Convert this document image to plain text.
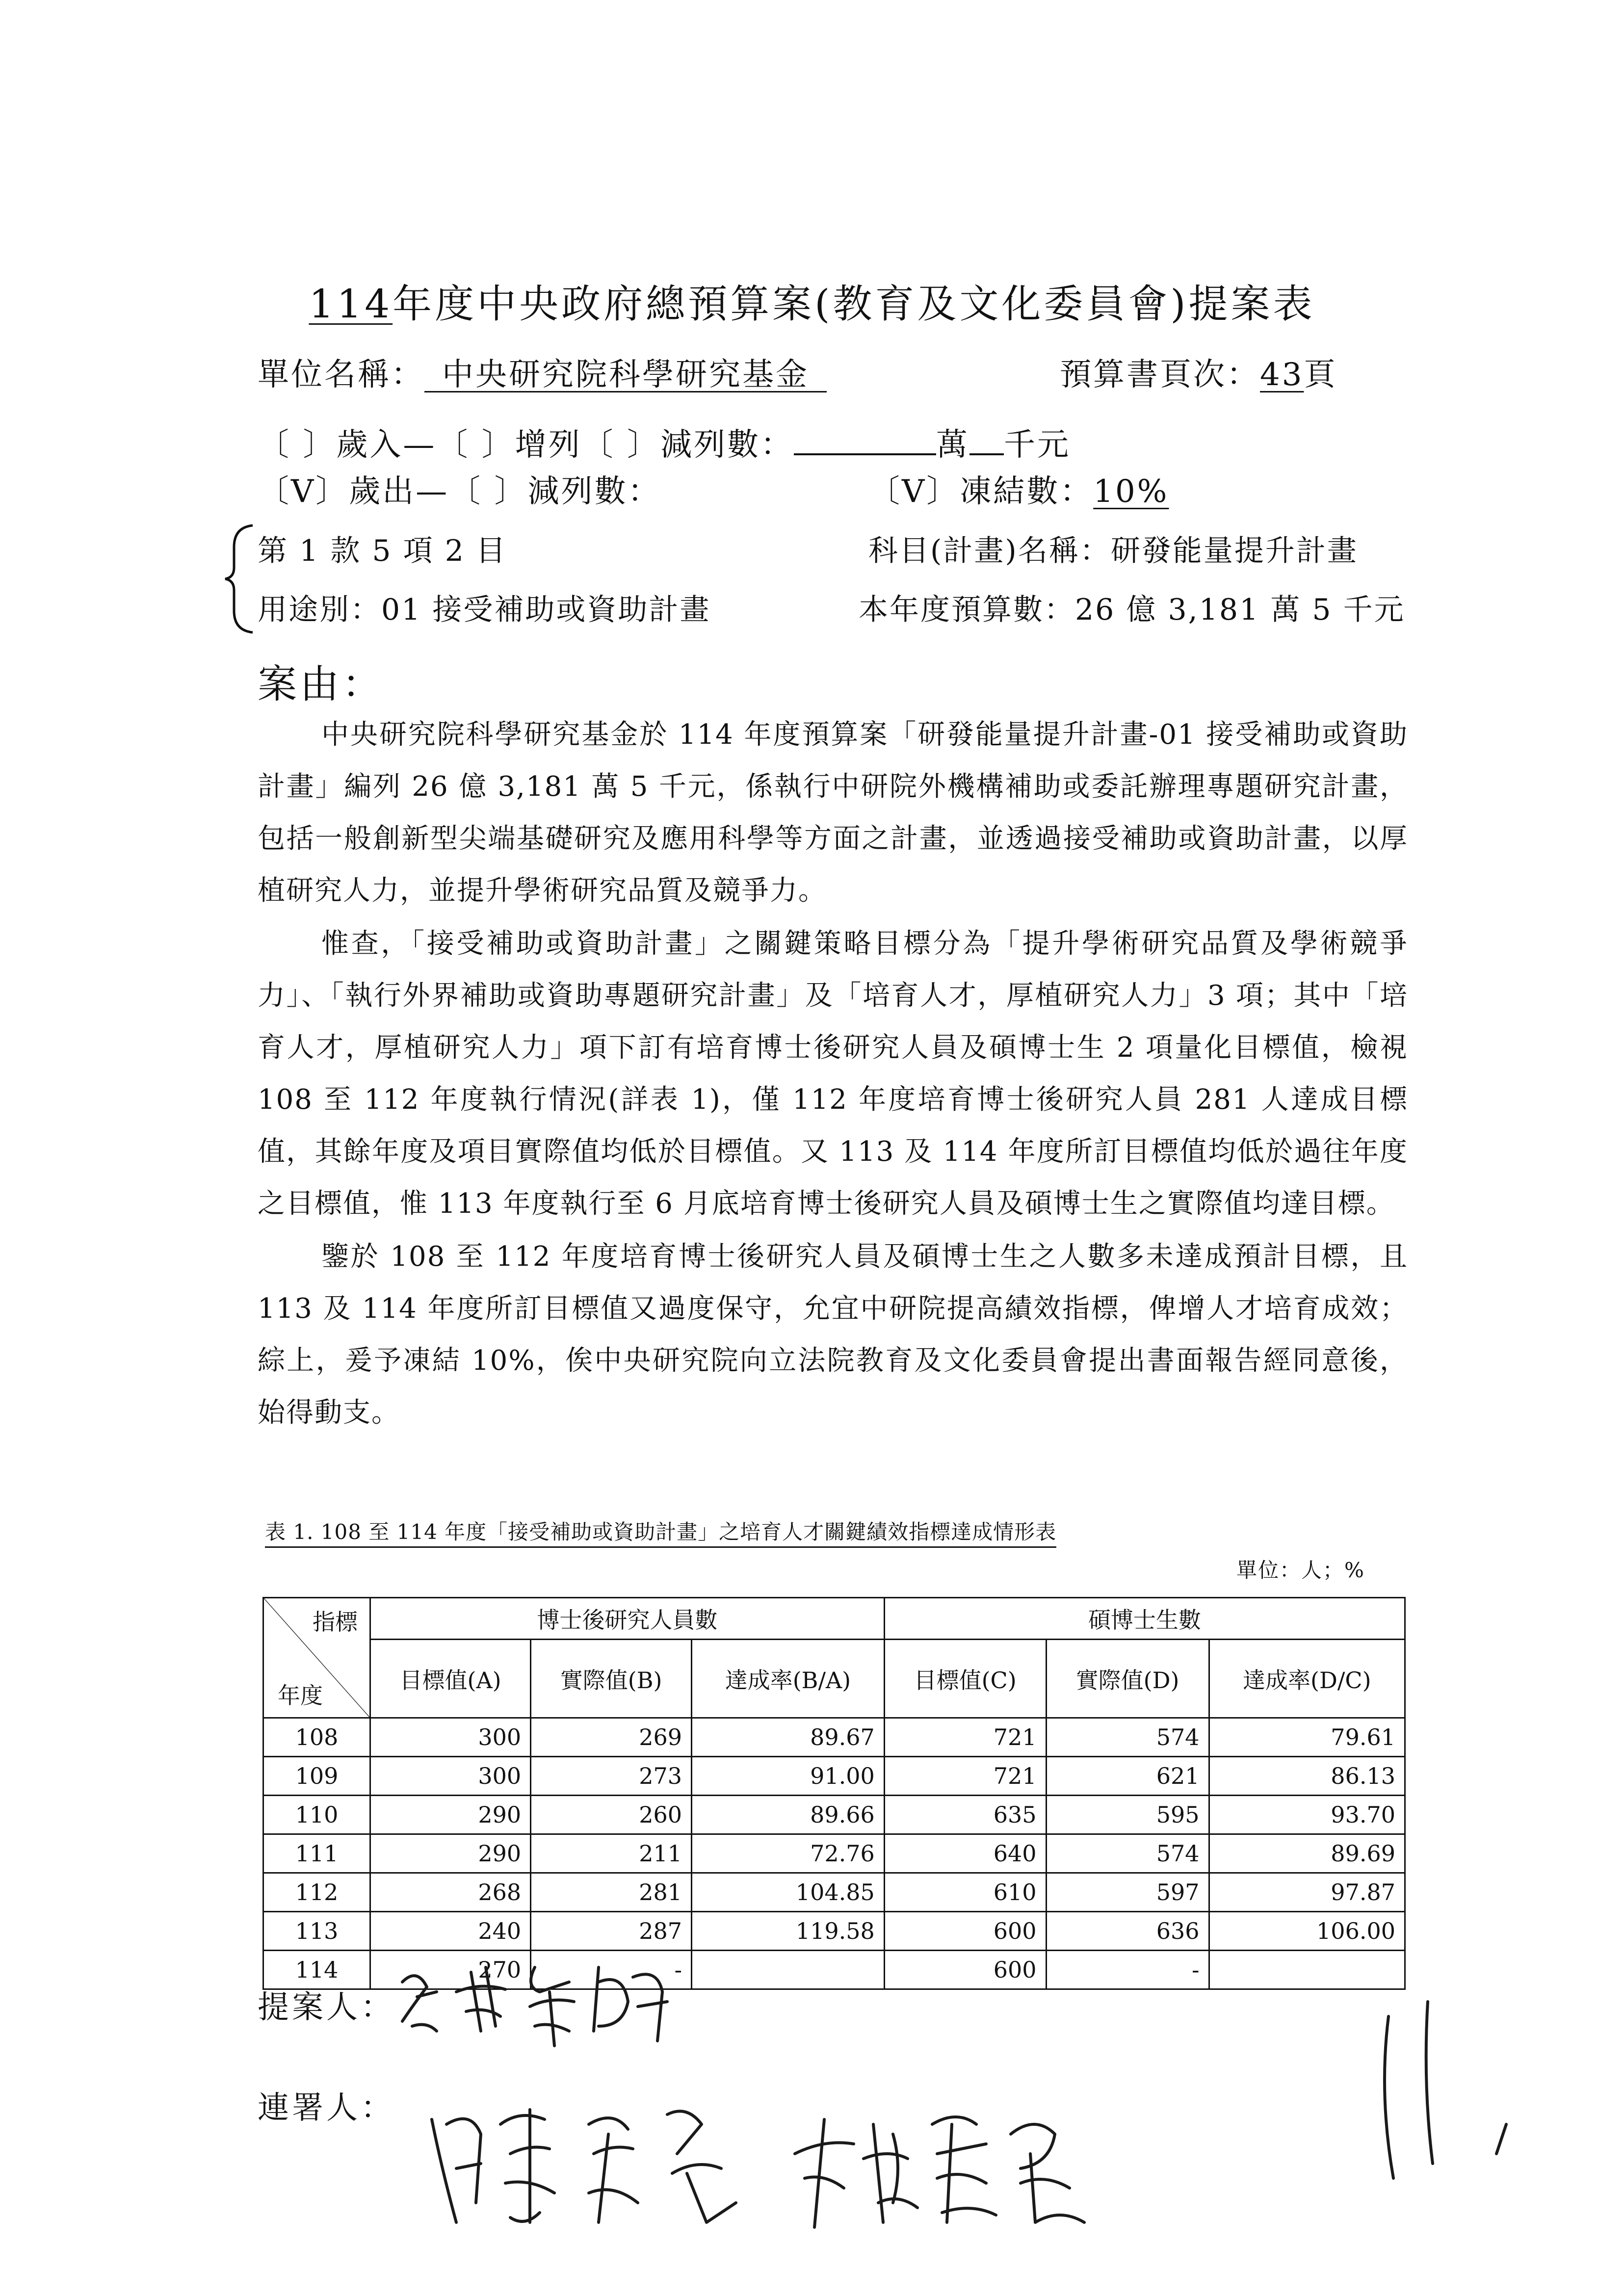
114年度中央政府總預算案(教育及文化委員會)提案表
單位名稱：_中央研究院科學研究基金_	預算書頁次：43頁
〔 〕歲入—〔 〕增列〔 〕減列數：	萬 千元
〔V〕歲出—〔 〕減列數：	〔V〕凍結數：10%
第 1 款 5 項 2 目	科目(計畫)名稱：研發能量提升計畫
用途別：01 接受補助或資助計畫	本年度預算數：26 億 3,181 萬 5 千元
案由：

中央研究院科學研究基金於 114 年度預算案「研發能量提升計畫-01 接受補助或資助計畫」編列 26 億 3,181 萬 5 千元，係執行中研院外機構補助或委託辦理專題研究計畫，包括一般創新型尖端基礎研究及應用科學等方面之計畫，並透過接受補助或資助計畫，以厚植研究人力，並提升學術研究品質及競爭力。

惟查，「接受補助或資助計畫」之關鍵策略目標分為「提升學術研究品質及學術競爭力」、「執行外界補助或資助專題研究計畫」及「培育人才，厚植研究人力」3 項；其中「培育人才，厚植研究人力」項下訂有培育博士後研究人員及碩博士生 2 項量化目標值，檢視 108 至 112 年度執行情況(詳表 1)，僅 112 年度培育博士後研究人員 281 人達成目標值，其餘年度及項目實際值均低於目標值。又 113 及 114 年度所訂目標值均低於過往年度之目標值，惟 113 年度執行至 6 月底培育博士後研究人員及碩博士生之實際值均達目標。

鑒於 108 至 112 年度培育博士後研究人員及碩博士生之人數多未達成預計目標，且 113 及 114 年度所訂目標值又過度保守，允宜中研院提高績效指標，俾增人才培育成效；綜上，爰予凍結 10%，俟中央研究院向立法院教育及文化委員會提出書面報告經同意後，始得動支。

表 1. 108 至 114 年度「接受補助或資助計畫」之培育人才關鍵績效指標達成情形表
單位：人；%
指標
年度	博士後研究人員數			碩博士生數		
	目標值(A)	實際值(B)	達成率(B/A)	目標值(C)	實際值(D)	達成率(D/C)
108	300	269	89.67	721	574	79.61
109	300	273	91.00	721	621	86.13
110	290	260	89.66	635	595	93.70
111	290	211	72.76	640	574	89.69
112	268	281	104.85	610	597	97.87
113	240	287	119.58	600	636	106.00
114	270	-		600	-	
提案人：
連署人：
